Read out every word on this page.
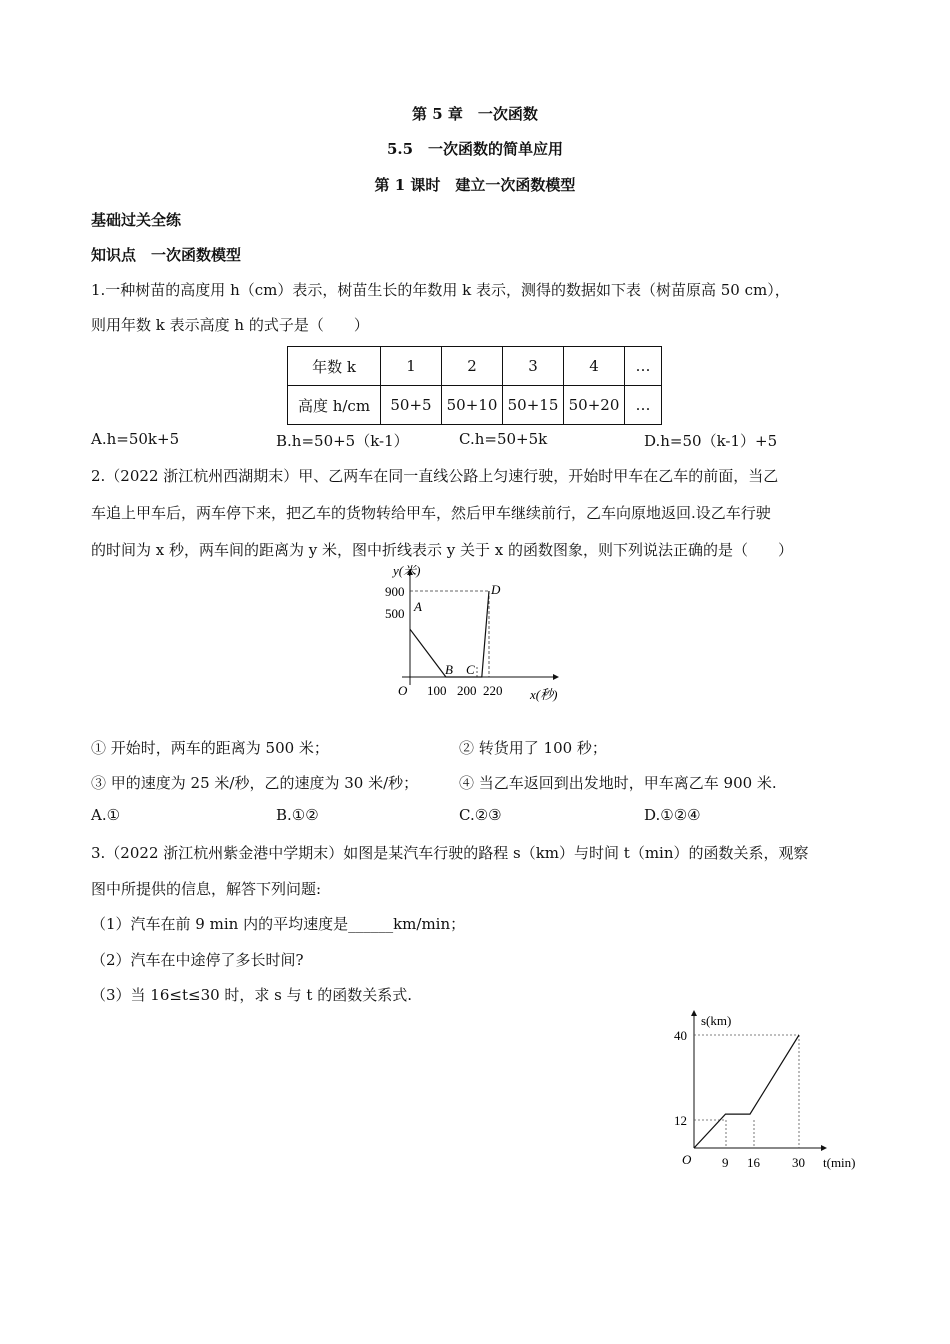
第 5 章　一次函数
5.5　一次函数的简单应用
第 1 课时　建立一次函数模型
基础过关全练
知识点　一次函数模型
1.一种树苗的高度用 h（cm）表示，树苗生长的年数用 k 表示，测得的数据如下表（树苗原高 50 cm），
则用年数 k 表示高度 h 的式子是（　　）
年数 k	1	2	3	4	…
高度 h/cm	50+5	50+10	50+15	50+20	…
A.h=50k+5	B.h=50+5（k-1）	C.h=50+5k	D.h=50（k-1）+5
2.（2022 浙江杭州西湖期末）甲、乙两车在同一直线公路上匀速行驶，开始时甲车在乙车的前面，当乙
车追上甲车后，两车停下来，把乙车的货物转给甲车，然后甲车继续前行，乙车向原地返回.设乙车行驶
的时间为 x 秒，两车间的距离为 y 米，图中折线表示 y 关于 x 的函数图象，则下列说法正确的是（　　）
y(米)
x(秒)
O
900
500
100 200 220
A
B C
D
① 开始时，两车的距离为 500 米；	② 转货用了 100 秒；
③ 甲的速度为 25 米/秒，乙的速度为 30 米/秒；	④ 当乙车返回到出发地时，甲车离乙车 900 米.
A.①	B.①②	C.②③	D.①②④
3.（2022 浙江杭州紫金港中学期末）如图是某汽车行驶的路程 s（km）与时间 t（min）的函数关系，观察
图中所提供的信息，解答下列问题:
（1）汽车在前 9 min 内的平均速度是______km/min；
（2）汽车在中途停了多长时间?
（3）当 16≤t≤30 时，求 s 与 t 的函数关系式.
s(km)
t(min)
O
40
12
9 16 30
